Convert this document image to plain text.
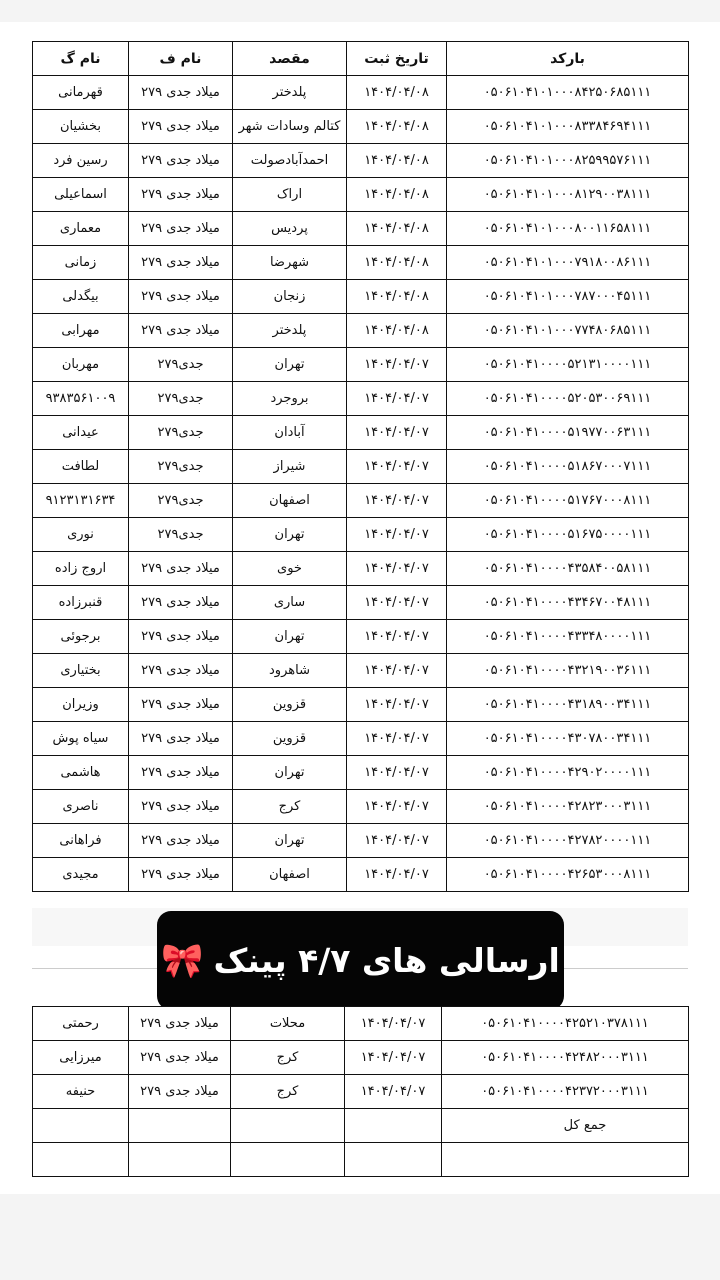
نام گ	نام ف	مقصد	تاریخ ثبت	بارکد
قهرمانی	میلاد جدی ۲۷۹	پلدختر	۱۴۰۴/۰۴/۰۸	۰۵۰۶۱۰۴۱۰۱۰۰۰۸۴۲۵۰۶۸۵۱۱۱
بخشیان	میلاد جدی ۲۷۹	کتالم وسادات شهر	۱۴۰۴/۰۴/۰۸	۰۵۰۶۱۰۴۱۰۱۰۰۰۸۳۳۸۴۶۹۴۱۱۱
رسین فرد	میلاد جدی ۲۷۹	احمدآبادصولت	۱۴۰۴/۰۴/۰۸	۰۵۰۶۱۰۴۱۰۱۰۰۰۸۲۵۹۹۵۷۶۱۱۱
اسماعیلی	میلاد جدی ۲۷۹	اراک	۱۴۰۴/۰۴/۰۸	۰۵۰۶۱۰۴۱۰۱۰۰۰۸۱۲۹۰۰۳۸۱۱۱
معماری	میلاد جدی ۲۷۹	پردیس	۱۴۰۴/۰۴/۰۸	۰۵۰۶۱۰۴۱۰۱۰۰۰۸۰۰۱۱۶۵۸۱۱۱
زمانی	میلاد جدی ۲۷۹	شهرضا	۱۴۰۴/۰۴/۰۸	۰۵۰۶۱۰۴۱۰۱۰۰۰۷۹۱۸۰۰۸۶۱۱۱
بیگدلی	میلاد جدی ۲۷۹	زنجان	۱۴۰۴/۰۴/۰۸	۰۵۰۶۱۰۴۱۰۱۰۰۰۷۸۷۰۰۰۴۵۱۱۱
مهرابی	میلاد جدی ۲۷۹	پلدختر	۱۴۰۴/۰۴/۰۸	۰۵۰۶۱۰۴۱۰۱۰۰۰۷۷۴۸۰۶۸۵۱۱۱
مهربان	جدی۲۷۹	تهران	۱۴۰۴/۰۴/۰۷	۰۵۰۶۱۰۴۱۰۰۰۰۵۲۱۳۱۰۰۰۰۱۱۱
۹۳۸۳۵۶۱۰۰۹	جدی۲۷۹	بروجرد	۱۴۰۴/۰۴/۰۷	۰۵۰۶۱۰۴۱۰۰۰۰۵۲۰۵۳۰۰۶۹۱۱۱
عیدانی	جدی۲۷۹	آبادان	۱۴۰۴/۰۴/۰۷	۰۵۰۶۱۰۴۱۰۰۰۰۵۱۹۷۷۰۰۶۳۱۱۱
لطافت	جدی۲۷۹	شیراز	۱۴۰۴/۰۴/۰۷	۰۵۰۶۱۰۴۱۰۰۰۰۵۱۸۶۷۰۰۰۷۱۱۱
۹۱۲۳۱۳۱۶۳۴	جدی۲۷۹	اصفهان	۱۴۰۴/۰۴/۰۷	۰۵۰۶۱۰۴۱۰۰۰۰۵۱۷۶۷۰۰۰۸۱۱۱
نوری	جدی۲۷۹	تهران	۱۴۰۴/۰۴/۰۷	۰۵۰۶۱۰۴۱۰۰۰۰۵۱۶۷۵۰۰۰۰۱۱۱
اروج زاده	میلاد جدی ۲۷۹	خوی	۱۴۰۴/۰۴/۰۷	۰۵۰۶۱۰۴۱۰۰۰۰۴۳۵۸۴۰۰۵۸۱۱۱
قنبرزاده	میلاد جدی ۲۷۹	ساری	۱۴۰۴/۰۴/۰۷	۰۵۰۶۱۰۴۱۰۰۰۰۴۳۴۶۷۰۰۴۸۱۱۱
برجوئی	میلاد جدی ۲۷۹	تهران	۱۴۰۴/۰۴/۰۷	۰۵۰۶۱۰۴۱۰۰۰۰۴۳۳۴۸۰۰۰۰۱۱۱
بختیاری	میلاد جدی ۲۷۹	شاهرود	۱۴۰۴/۰۴/۰۷	۰۵۰۶۱۰۴۱۰۰۰۰۴۳۲۱۹۰۰۳۶۱۱۱
وزیران	میلاد جدی ۲۷۹	قزوین	۱۴۰۴/۰۴/۰۷	۰۵۰۶۱۰۴۱۰۰۰۰۴۳۱۸۹۰۰۳۴۱۱۱
سیاه پوش	میلاد جدی ۲۷۹	قزوین	۱۴۰۴/۰۴/۰۷	۰۵۰۶۱۰۴۱۰۰۰۰۴۳۰۷۸۰۰۳۴۱۱۱
هاشمی	میلاد جدی ۲۷۹	تهران	۱۴۰۴/۰۴/۰۷	۰۵۰۶۱۰۴۱۰۰۰۰۴۲۹۰۲۰۰۰۰۱۱۱
ناصری	میلاد جدی ۲۷۹	کرج	۱۴۰۴/۰۴/۰۷	۰۵۰۶۱۰۴۱۰۰۰۰۴۲۸۲۳۰۰۰۳۱۱۱
فراهانی	میلاد جدی ۲۷۹	تهران	۱۴۰۴/۰۴/۰۷	۰۵۰۶۱۰۴۱۰۰۰۰۴۲۷۸۲۰۰۰۰۱۱۱
مجیدی	میلاد جدی ۲۷۹	اصفهان	۱۴۰۴/۰۴/۰۷	۰۵۰۶۱۰۴۱۰۰۰۰۴۲۶۵۳۰۰۰۸۱۱۱
ارسالی های ۴/۷ پینک
🎀
رحمتی	میلاد جدی ۲۷۹	محلات	۱۴۰۴/۰۴/۰۷	۰۵۰۶۱۰۴۱۰۰۰۰۴۲۵۲۱۰۳۷۸۱۱۱
میرزایی	میلاد جدی ۲۷۹	کرج	۱۴۰۴/۰۴/۰۷	۰۵۰۶۱۰۴۱۰۰۰۰۴۲۴۸۲۰۰۰۳۱۱۱
حنیفه	میلاد جدی ۲۷۹	کرج	۱۴۰۴/۰۴/۰۷	۰۵۰۶۱۰۴۱۰۰۰۰۴۲۳۷۲۰۰۰۳۱۱۱
				جمع کل
